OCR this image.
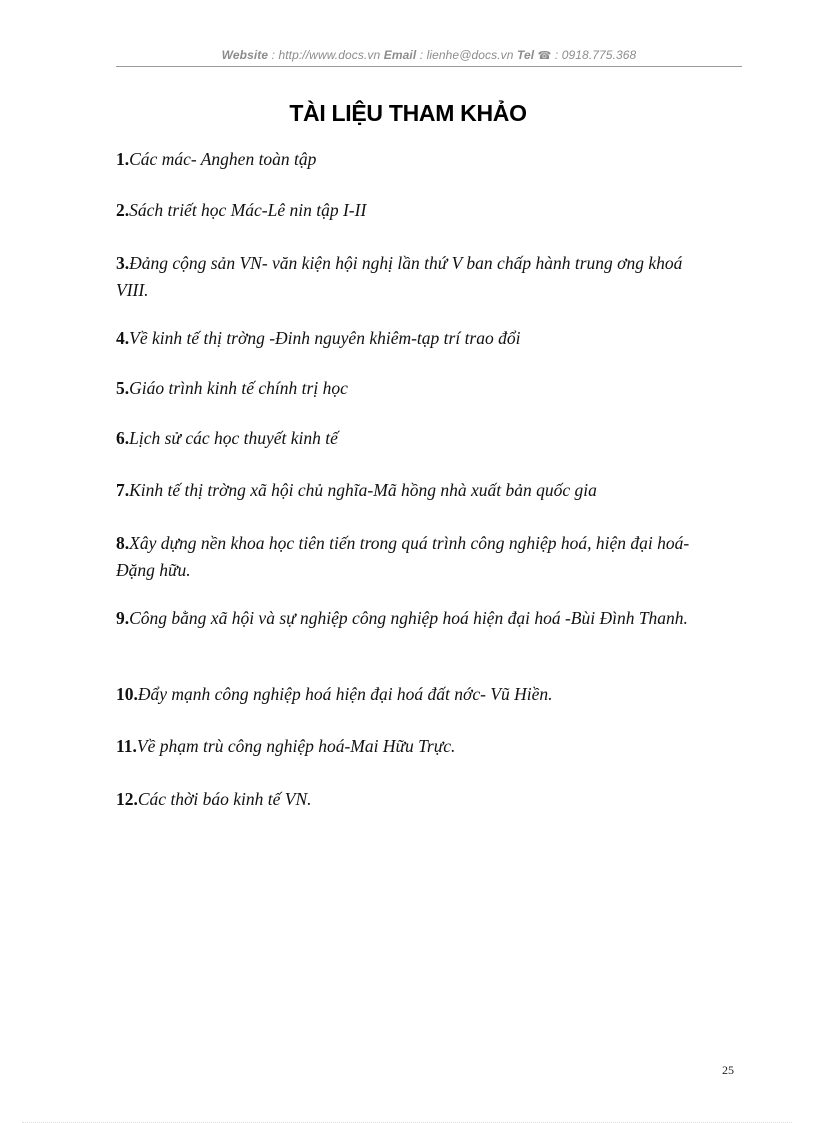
Website : http://www.docs.vn Email : lienhe@docs.vn Tel ☎ : 0918.775.368
TÀI LIỆU THAM KHẢO
1.Các mác- Anghen toàn tập
2.Sách triết học Mác-Lê nin tập I-II
3.Đảng cộng sản VN- văn kiện hội nghị lần thứ V ban chấp hành trung ơng khoá VIII.
4.Về kinh tế thị trờng -Đinh nguyên khiêm-tạp trí trao đổi
5.Giáo trình kinh tế chính trị học
6.Lịch sử các học thuyết kinh tế
7.Kinh tế thị trờng xã hội chủ nghĩa-Mã hồng nhà xuất bản quốc gia
8.Xây dựng nền khoa học tiên tiến trong quá trình công nghiệp hoá, hiện đại hoá-Đặng hữu.
9.Công bằng xã hội và sự nghiệp công nghiệp hoá hiện đại hoá -Bùi Đình Thanh.
10.Đẩy mạnh công nghiệp hoá hiện đại hoá đất nớc- Vũ Hiền.
11.Về phạm trù công nghiệp hoá-Mai Hữu Trực.
12.Các thời báo kinh tế VN.
25
